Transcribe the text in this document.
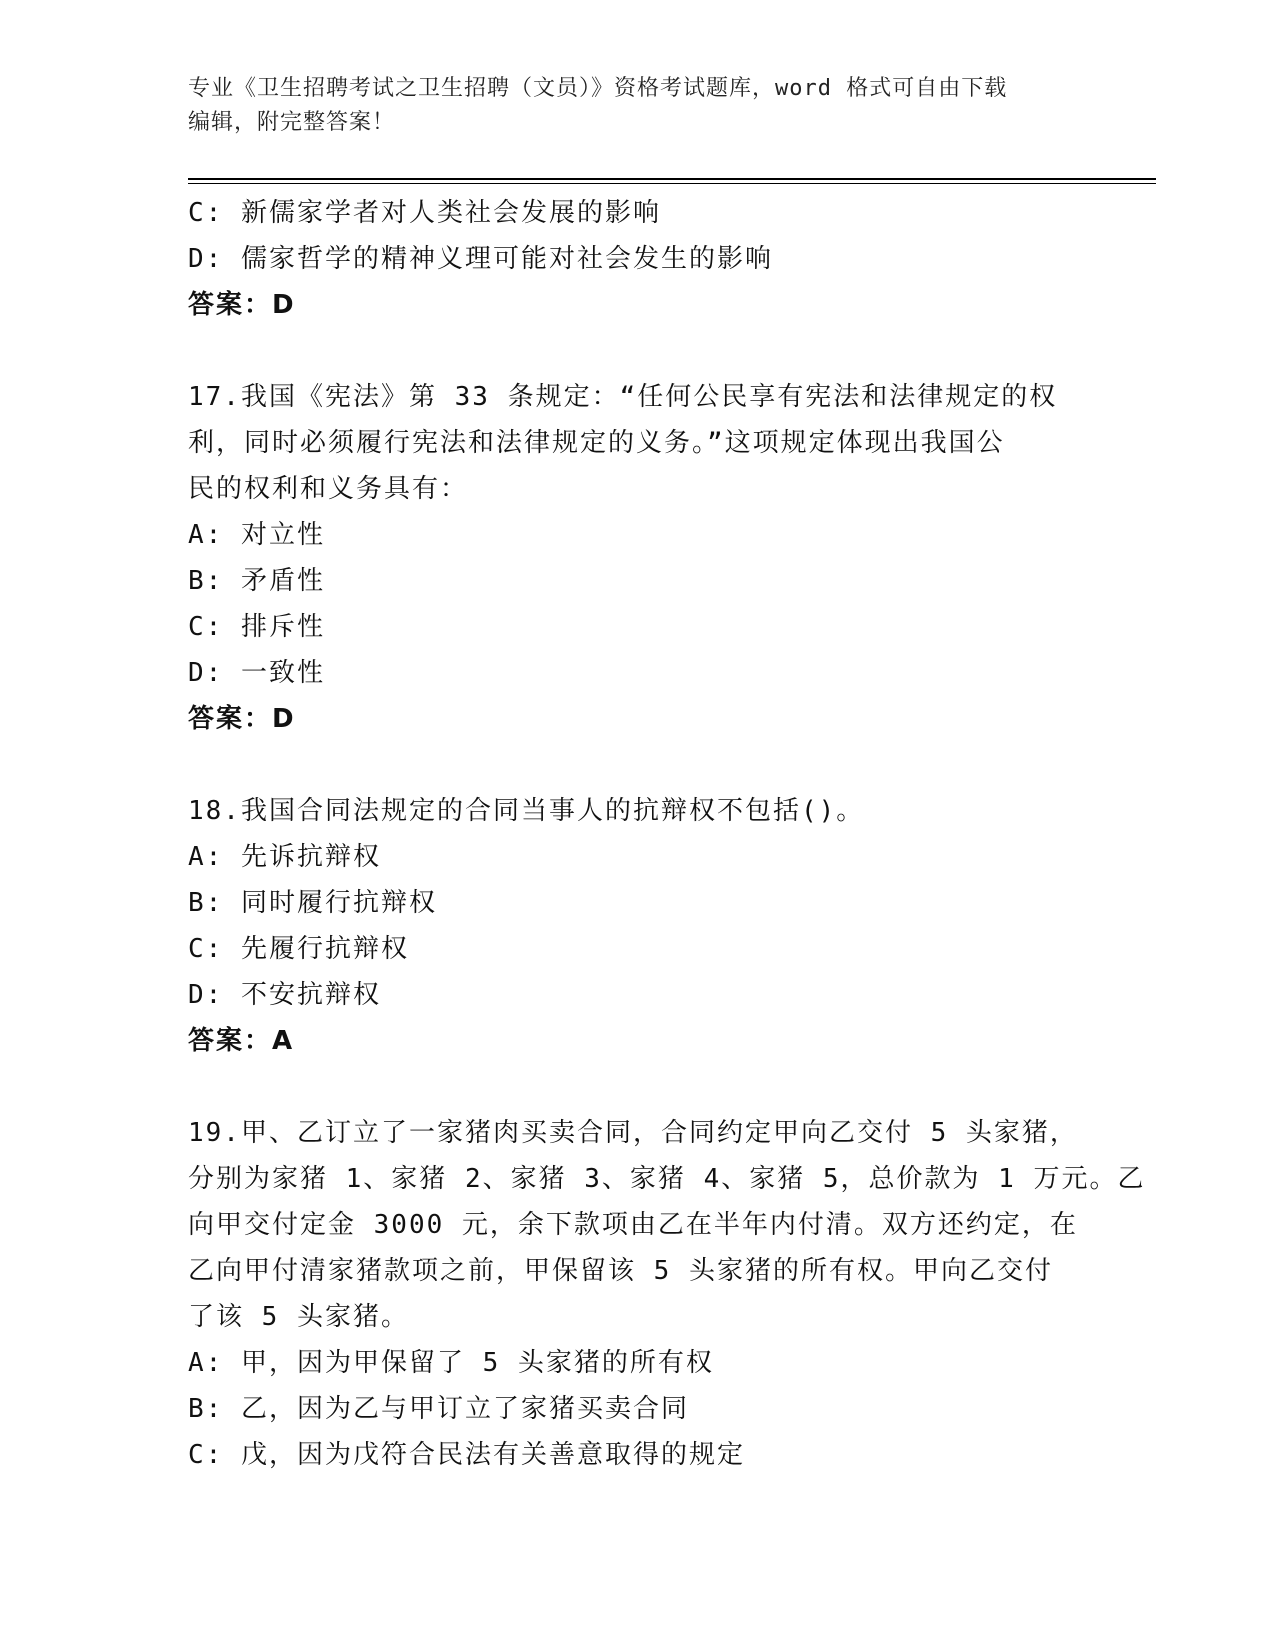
专业《卫生招聘考试之卫生招聘（文员）》资格考试题库，word 格式可自由下载
编辑，附完整答案！
C: 新儒家学者对人类社会发展的影响
D: 儒家哲学的精神义理可能对社会发生的影响
答案：D
17.我国《宪法》第 33 条规定：“任何公民享有宪法和法律规定的权
利，同时必须履行宪法和法律规定的义务。”这项规定体现出我国公
民的权利和义务具有：
A: 对立性
B: 矛盾性
C: 排斥性
D: 一致性
答案：D
18.我国合同法规定的合同当事人的抗辩权不包括()。
A: 先诉抗辩权
B: 同时履行抗辩权
C: 先履行抗辩权
D: 不安抗辩权
答案：A
19.甲、乙订立了一家猪肉买卖合同，合同约定甲向乙交付 5 头家猪，
分别为家猪 1、家猪 2、家猪 3、家猪 4、家猪 5，总价款为 1 万元。乙
向甲交付定金 3000 元，余下款项由乙在半年内付清。双方还约定，在
乙向甲付清家猪款项之前，甲保留该 5 头家猪的所有权。甲向乙交付
了该 5 头家猪。
A: 甲，因为甲保留了 5 头家猪的所有权
B: 乙，因为乙与甲订立了家猪买卖合同
C: 戊，因为戊符合民法有关善意取得的规定
